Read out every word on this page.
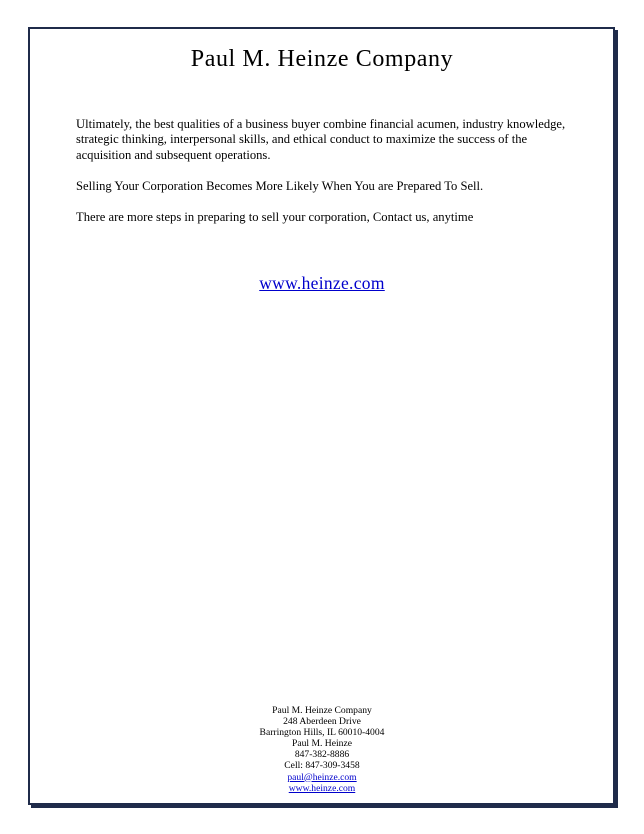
Paul M. Heinze Company
Ultimately, the best qualities of a business buyer combine financial acumen, industry knowledge, strategic thinking, interpersonal skills, and ethical conduct to maximize the success of the acquisition and subsequent operations.
Selling Your Corporation Becomes More Likely When You are Prepared To Sell.
There are more steps in preparing to sell your corporation, Contact us, anytime
www.heinze.com
Paul M. Heinze Company
248 Aberdeen Drive
Barrington Hills, IL 60010-4004
Paul M. Heinze
847-382-8886
Cell: 847-309-3458
paul@heinze.com
www.heinze.com
